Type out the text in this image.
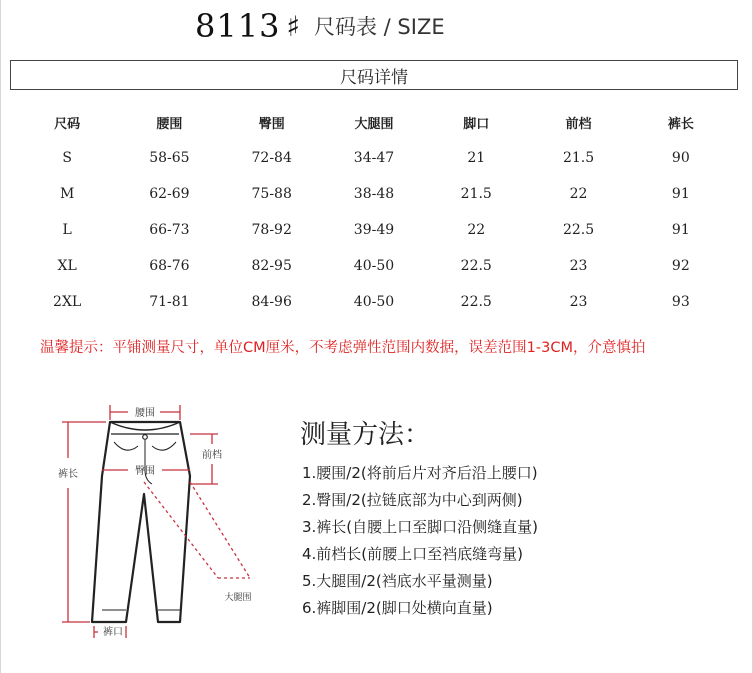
8113 ♯ 尺码表 / SIZE
尺码详情
尺码	腰围	臀围	大腿围	脚口	前档	裤长
S	58-65	72-84	34-47	21	21.5	90
M	62-69	75-88	38-48	21.5	22	91
L	66-73	78-92	39-49	22	22.5	91
XL	68-76	82-95	40-50	22.5	23	92
2XL	71-81	84-96	40-50	22.5	23	93
温馨提示：平铺测量尺寸，单位CM厘米，不考虑弹性范围内数据，误差范围1-3CM，介意慎拍
腰围
臀围
前档
裤长
大腿围
裤口
测量方法：
1.腰围/2(将前后片对齐后沿上腰口)
2.臀围/2(拉链底部为中心到两侧)
3.裤长(自腰上口至脚口沿侧缝直量)
4.前档长(前腰上口至裆底缝弯量)
5.大腿围/2(裆底水平量测量)
6.裤脚围/2(脚口处横向直量)
